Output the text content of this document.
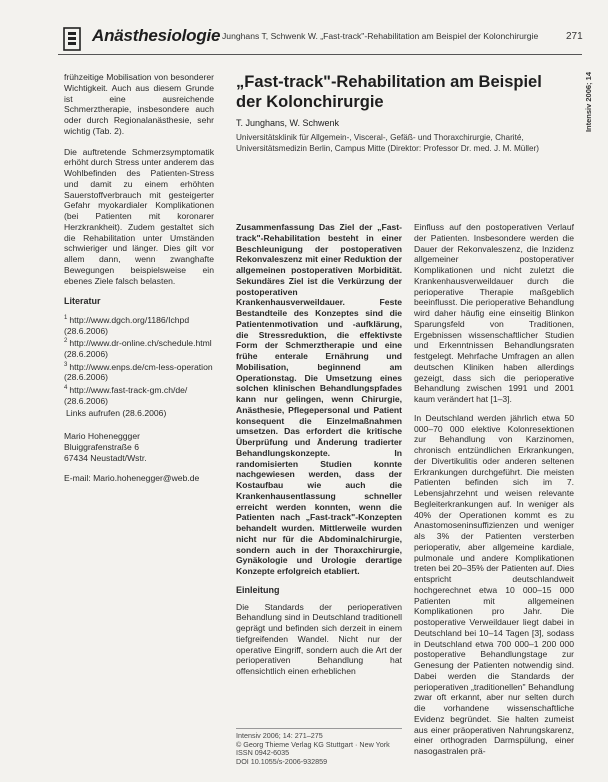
Anästhesiologie Junghans T, Schwenk W. „Fast-track"-Rehabilitation am Beispiel der Kolonchirurgie	271
Intensiv 2006; 14

frühzeitige Mobilisation von besonderer Wichtigkeit. Auch aus diesem Grunde ist eine ausreichende Schmerztherapie, insbesondere auch oder durch Regionalanästhesie, sehr wichtig (Tab. 2).

Die auftretende Schmerzsymptomatik erhöht durch Stress unter anderem das Wohlbefinden des Patienten-Stress und damit zu einem erhöhten Sauerstoffverbrauch mit gesteigerter Gefahr myokardialer Komplikationen (bei Patienten mit koronarer Herzkrankheit). Zudem gestaltet sich die Rehabilitation unter Umständen schwieriger und länger. Dies gilt vor allem dann, wenn zwanghafte Bewegungen beispielsweise ein ebenes Ziele falsch belasten.

Literatur
$^1$ http://www.dgch.org/1186/Ichpd (28.6.2006)
$^2$ http://www.dr-online.ch/schedule.html (28.6.2006)
$^3$ http://www.enps.de/cm-less-operation (28.6.2006)
$^4$ http://www.fast-track-gm.ch/de/ (28.6.2006)
Links aufrufen (28.6.2006)

Mario Hoheneggger

Bluiggrafenstraße 6

67434 Neustadt/Wstr.

E-mail: Mario.hohenegger@web.de

„Fast-track"-Rehabilitation am Beispiel der Kolonchirurgie
T. Junghans, W. Schwenk
Universitätsklinik für Allgemein-, Visceral-, Gefäß- und Thoraxchirurgie, Charité, Universitätsmedizin Berlin, Campus Mitte (Direktor: Professor Dr. med. J. M. Müller)

Zusammenfassung Das Ziel der „Fast-track"-Rehabilitation besteht in einer Beschleunigung der postoperativen Rekonvaleszenz mit einer Reduktion der allgemeinen postoperativen Morbidität. Sekundäres Ziel ist die Verkürzung der postoperativen Krankenhausverweildauer. Feste Bestandteile des Konzeptes sind die Patientenmotivation und -aufklärung, die Stressreduktion, die effektivste Form der Schmerztherapie und eine frühe enterale Ernährung und Mobilisation, beginnend am Operationstag. Die Umsetzung eines solchen klinischen Behandlungspfades kann nur gelingen, wenn Chirurgie, Anästhesie, Pflegepersonal und Patient konsequent die Einzelmaßnahmen umsetzen. Das erfordert die kritische Überprüfung und Änderung tradierter Behandlungskonzepte. In randomisierten Studien konnte nachgewiesen werden, dass der Kostaufbau wie auch die Krankenhausentlassung schneller erreicht werden konnten, wenn die Patienten nach „Fast-track"-Konzepten behandelt wurden. Mittlerweile wurden nicht nur für die Abdominalchirurgie, sondern auch in der Thoraxchirurgie, Gynäkologie und Urologie derartige Konzepte erfolgreich etabliert.

Einleitung

Die Standards der perioperativen Behandlung sind in Deutschland traditionell geprägt und befinden sich derzeit in einem tiefgreifenden Wandel. Nicht nur der operative Eingriff, sondern auch die Art der perioperativen Behandlung hat offensichtlich einen erheblichen

Einfluss auf den postoperativen Verlauf der Patienten. Insbesondere werden die Dauer der Rekonvaleszenz, die Inzidenz allgemeiner postoperativer Komplikationen und nicht zuletzt die Krankenhausverweildauer durch die perioperative Therapie maßgeblich beeinflusst. Die perioperative Behandlung wird daher häufig eine einseitig Blinkon Sparungsfeld von Traditionen, Ergebnissen wissenschaftlicher Studien und Erkenntnissen Behandlungsraten festgelegt. Mehrfache Umfragen an allen deutschen Kliniken haben allerdings gezeigt, dass sich die perioperative Behandlung zwischen 1991 und 2001 kaum verändert hat [1–3].

In Deutschland werden jährlich etwa 50 000–70 000 elektive Kolonresektionen zur Behandlung von Karzinomen, chronisch entzündlichen Erkrankungen, der Divertikulitis oder anderen seltenen Erkrankungen durchgeführt. Die meisten Patienten befinden sich im 7. Lebensjahrzehnt und weisen relevante Begleiterkrankungen auf. In weniger als 40% der Operationen kommt es zu Anastomoseninsuffizienzen und weniger als 3% der Patienten versterben perioperativ, aber allgemeine kardiale, pulmonale und andere Komplikationen treten bei 20–35% der Patienten auf. Dies entspricht deutschlandweit hochgerechnet etwa 10 000–15 000 Patienten mit allgemeinen Komplikationen pro Jahr. Die postoperative Verweildauer liegt dabei in Deutschland bei 10–14 Tagen [3], sodass in Deutschland etwa 700 000–1 200 000 postoperative Behandlungstage zur Genesung der Patienten notwendig sind. Dabei werden die Standards der perioperativen „traditionellen" Behandlung zwar oft erkannt, aber nur selten durch die vorhandene wissenschaftliche Evidenz begründet. Sie halten zumeist aus einer präoperativen Nahrungskarenz, einer orthograden Darmspülung, einer nasogastralen prä-

Intensiv 2006; 14: 271–275
© Georg Thieme Verlag KG Stuttgart · New York
ISSN 0942-6035
DOI 10.1055/s-2006-932859
